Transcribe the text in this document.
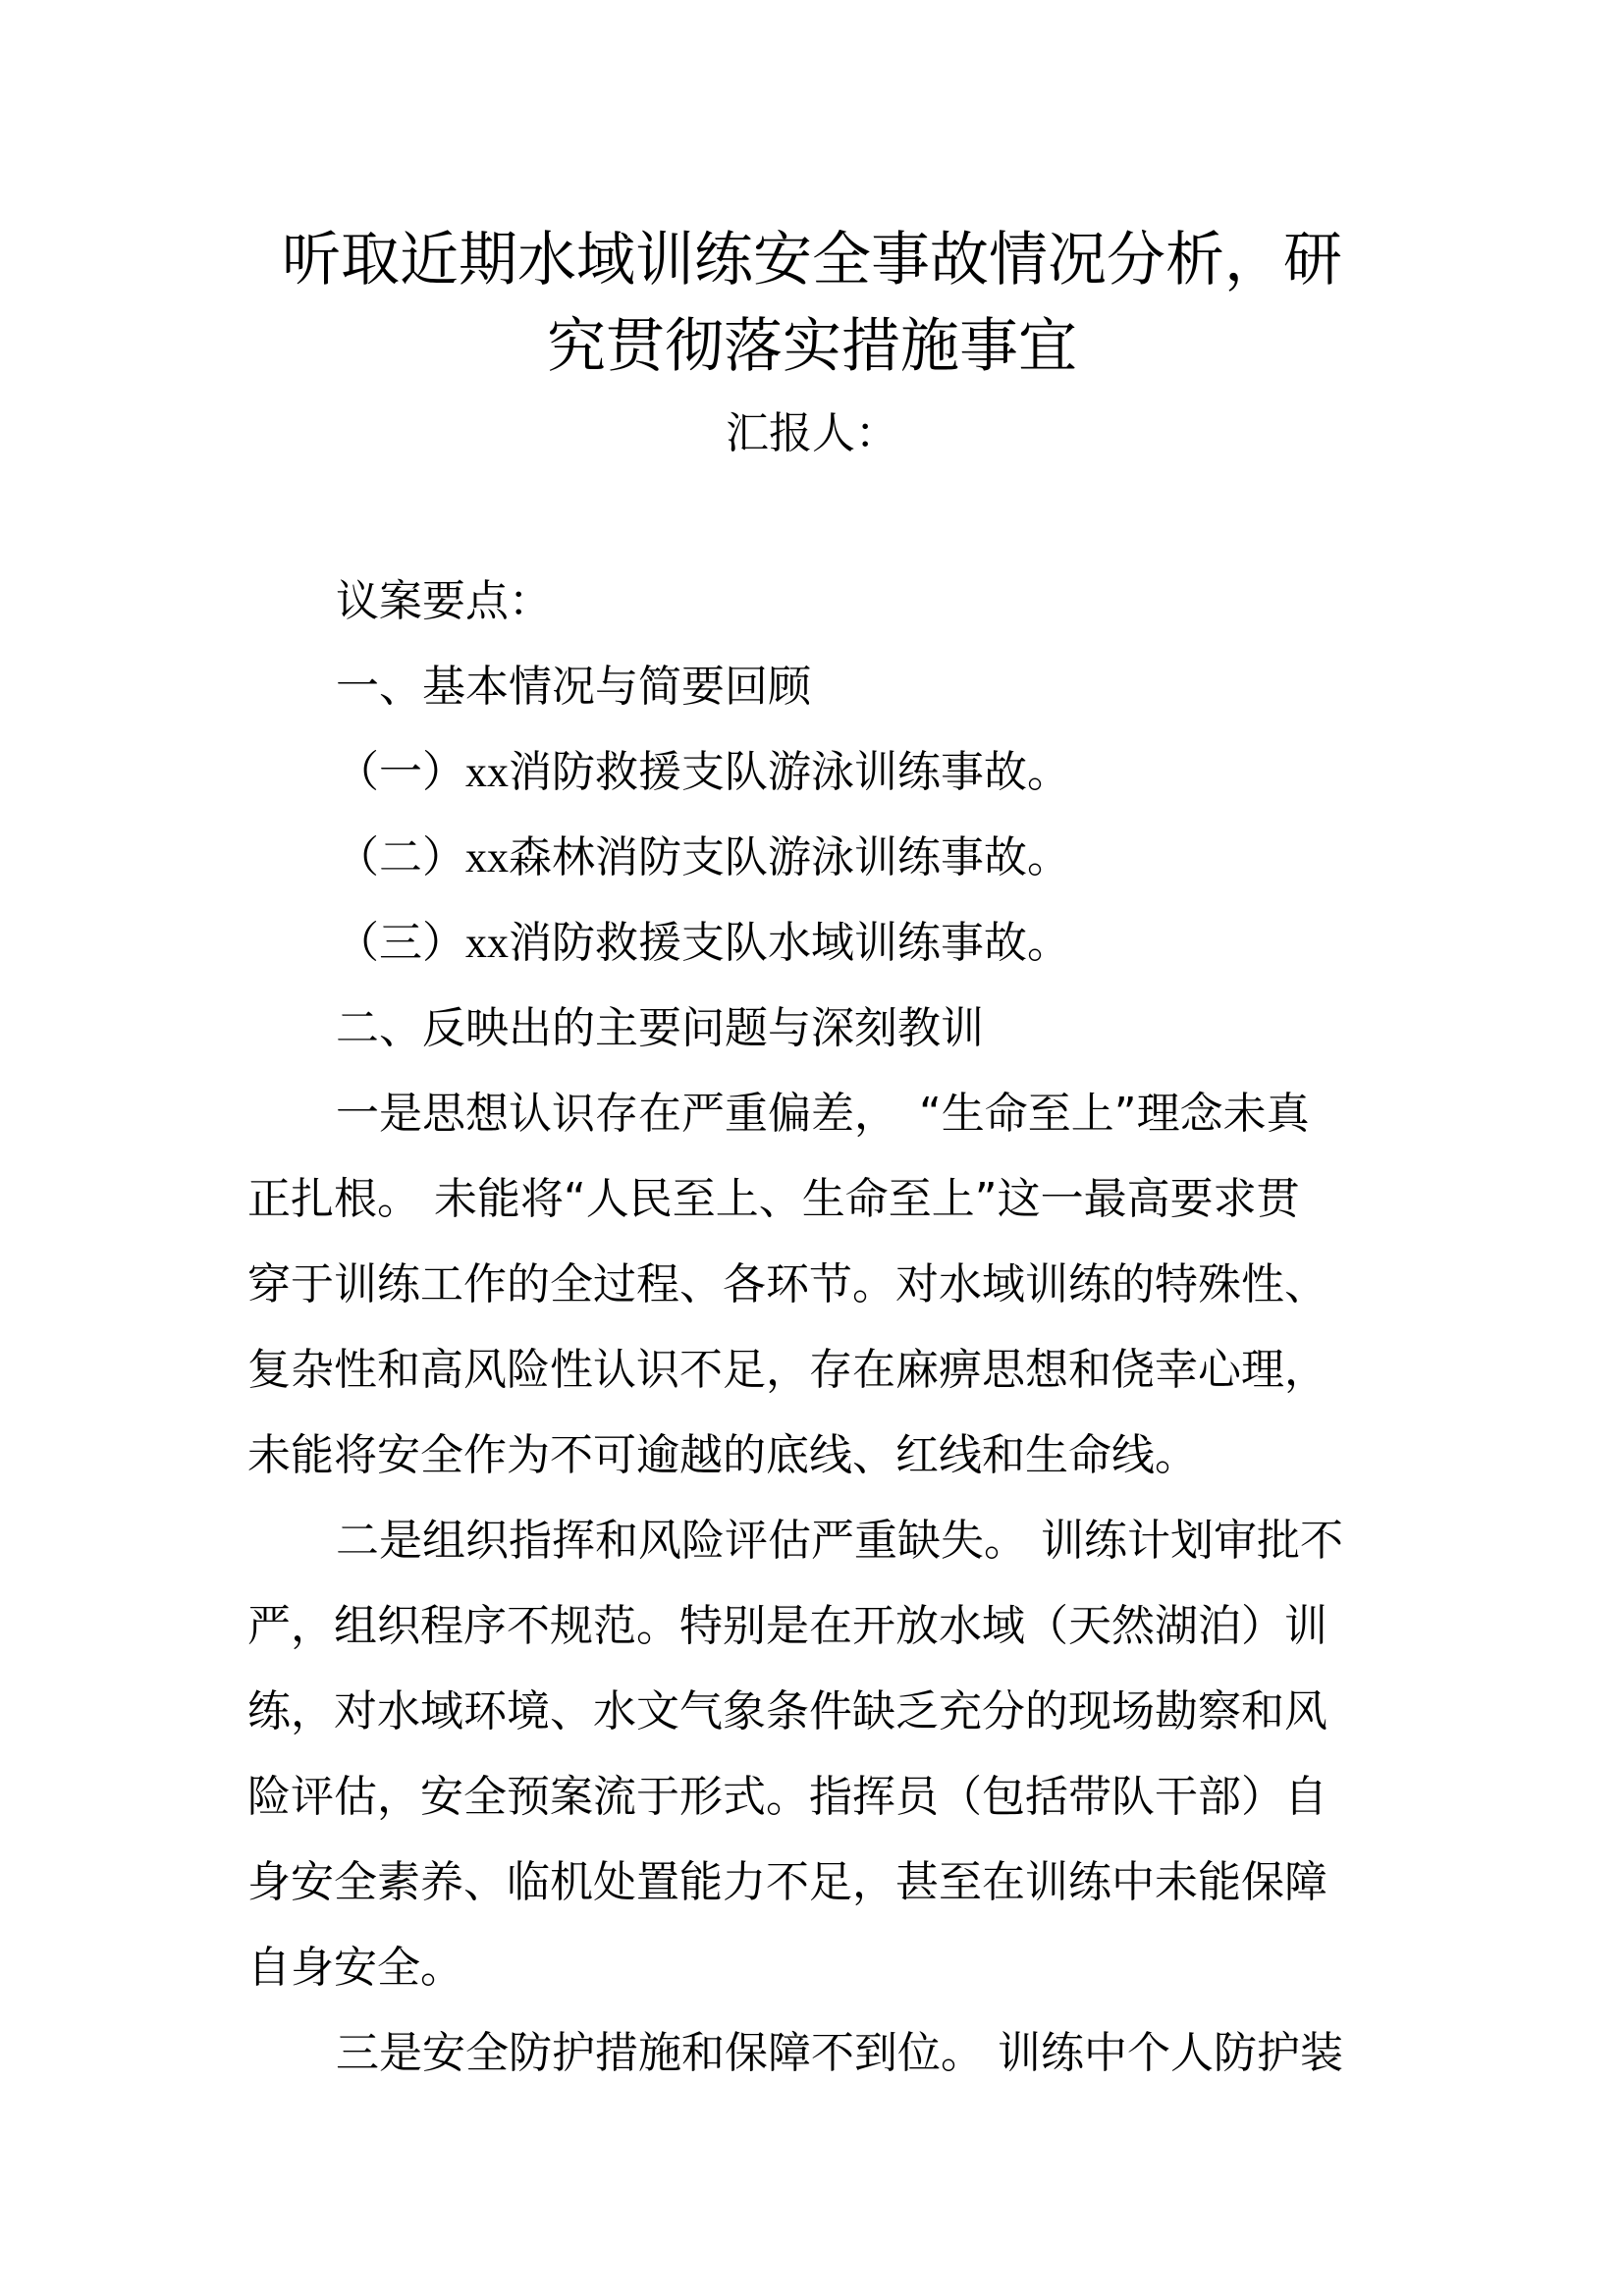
听取近期水域训练安全事故情况分析，研
究贯彻落实措施事宜
汇报人：
议案要点：
一、基本情况与简要回顾
（一）xx消防救援支队游泳训练事故。
（二）xx森林消防支队游泳训练事故。
（三）xx消防救援支队水域训练事故。
二、反映出的主要问题与深刻教训
一是思想认识存在严重偏差，　“生命至上”理念未真
正扎根。 未能将“人民至上、生命至上”这一最高要求贯
穿于训练工作的全过程、各环节。对水域训练的特殊性、
复杂性和高风险性认识不足，存在麻痹思想和侥幸心理，
未能将安全作为不可逾越的底线、红线和生命线。
二是组织指挥和风险评估严重缺失。 训练计划审批不
严，组织程序不规范。特别是在开放水域（天然湖泊）训
练，对水域环境、水文气象条件缺乏充分的现场勘察和风
险评估，安全预案流于形式。指挥员（包括带队干部）自
身安全素养、临机处置能力不足，甚至在训练中未能保障
自身安全。
三是安全防护措施和保障不到位。 训练中个人防护装
